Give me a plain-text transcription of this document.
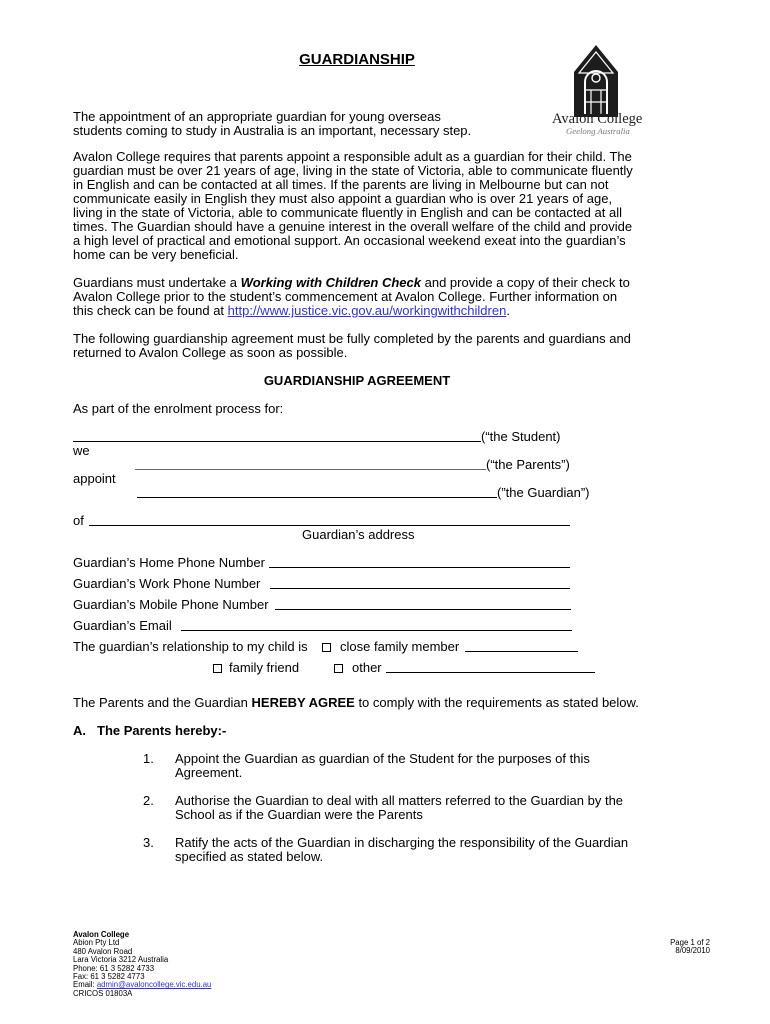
GUARDIANSHIP
Avalon College
Geelong Australia
The appointment of an appropriate guardian for young overseas
students coming to study in Australia is an important, necessary step.
Avalon College requires that parents appoint a responsible adult as a guardian for their child. The
guardian must be over 21 years of age, living in the state of Victoria, able to communicate fluently
in English and can be contacted at all times. If the parents are living in Melbourne but can not
communicate easily in English they must also appoint a guardian who is over 21 years of age,
living in the state of Victoria, able to communicate fluently in English and can be contacted at all
times. The Guardian should have a genuine interest in the overall welfare of the child and provide
a high level of practical and emotional support. An occasional weekend exeat into the guardian’s
home can be very beneficial.
Guardians must undertake a Working with Children Check and provide a copy of their check to
Avalon College prior to the student’s commencement at Avalon College. Further information on
this check can be found at http://www.justice.vic.gov.au/workingwithchildren.
The following guardianship agreement must be fully completed by the parents and guardians and
returned to Avalon College as soon as possible.
GUARDIANSHIP AGREEMENT
As part of the enrolment process for:
(“the Student)
we
(“the Parents”)
appoint
(”the Guardian”)
of
Guardian’s address
Guardian’s Home Phone Number
Guardian’s Work Phone Number
Guardian’s Mobile Phone Number
Guardian’s Email
The guardian’s relationship to my child is close family member
family friend	other
The Parents and the Guardian HEREBY AGREE to comply with the requirements as stated below.
A. The Parents hereby:-
1. Appoint the Guardian as guardian of the Student for the purposes of this
Agreement.
2. Authorise the Guardian to deal with all matters referred to the Guardian by the
School as if the Guardian were the Parents
3. Ratify the acts of the Guardian in discharging the responsibility of the Guardian
specified as stated below.
Avalon College
Abion Pty Ltd
480 Avalon Road
Lara Victoria 3212 Australia
Phone: 61 3 5282 4733
Fax: 61 3 5282 4773
Email: admin@avaloncollege.vic.edu.au
CRICOS 01803A
Page 1 of 2
8/09/2010
